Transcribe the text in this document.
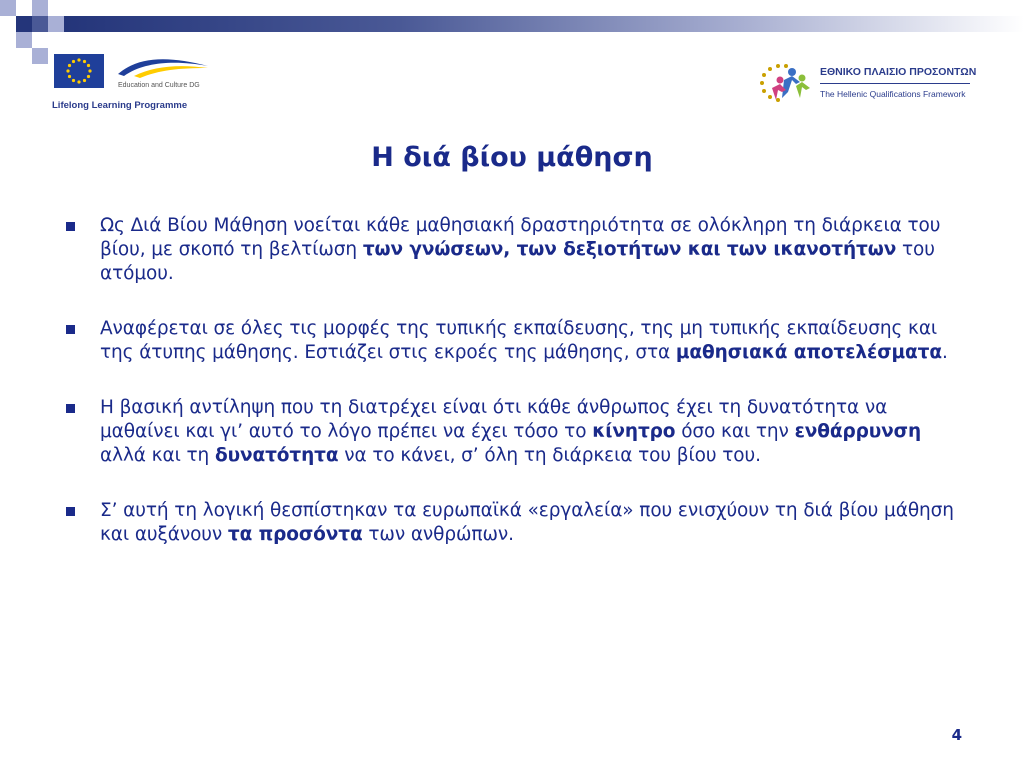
Education and Culture DG
Lifelong Learning Programme
ΕΘΝΙΚΟ ΠΛΑΙΣΙΟ ΠΡΟΣΟΝΤΩΝ
The Hellenic Qualifications Framework
Η διά βίου μάθηση
Ως Διά Βίου Μάθηση νοείται κάθε μαθησιακή δραστηριότητα σε ολόκληρη τη διάρκεια του βίου, με σκοπό τη βελτίωση των γνώσεων, των δεξιοτήτων και των ικανοτήτων του ατόμου.
Αναφέρεται σε όλες τις μορφές της τυπικής εκπαίδευσης, της μη τυπικής εκπαίδευσης και της άτυπης μάθησης. Εστιάζει στις εκροές της μάθησης, στα μαθησιακά αποτελέσματα.
Η βασική αντίληψη που τη διατρέχει είναι ότι κάθε άνθρωπος έχει τη δυνατότητα να μαθαίνει και γι’ αυτό το λόγο πρέπει να έχει τόσο το κίνητρο όσο και την ενθάρρυνση αλλά και τη δυνατότητα να το κάνει, σ’ όλη τη διάρκεια του βίου του.
Σ’ αυτή τη λογική θεσπίστηκαν τα ευρωπαϊκά «εργαλεία» που ενισχύουν τη διά βίου μάθηση και αυξάνουν τα προσόντα των ανθρώπων.
4
